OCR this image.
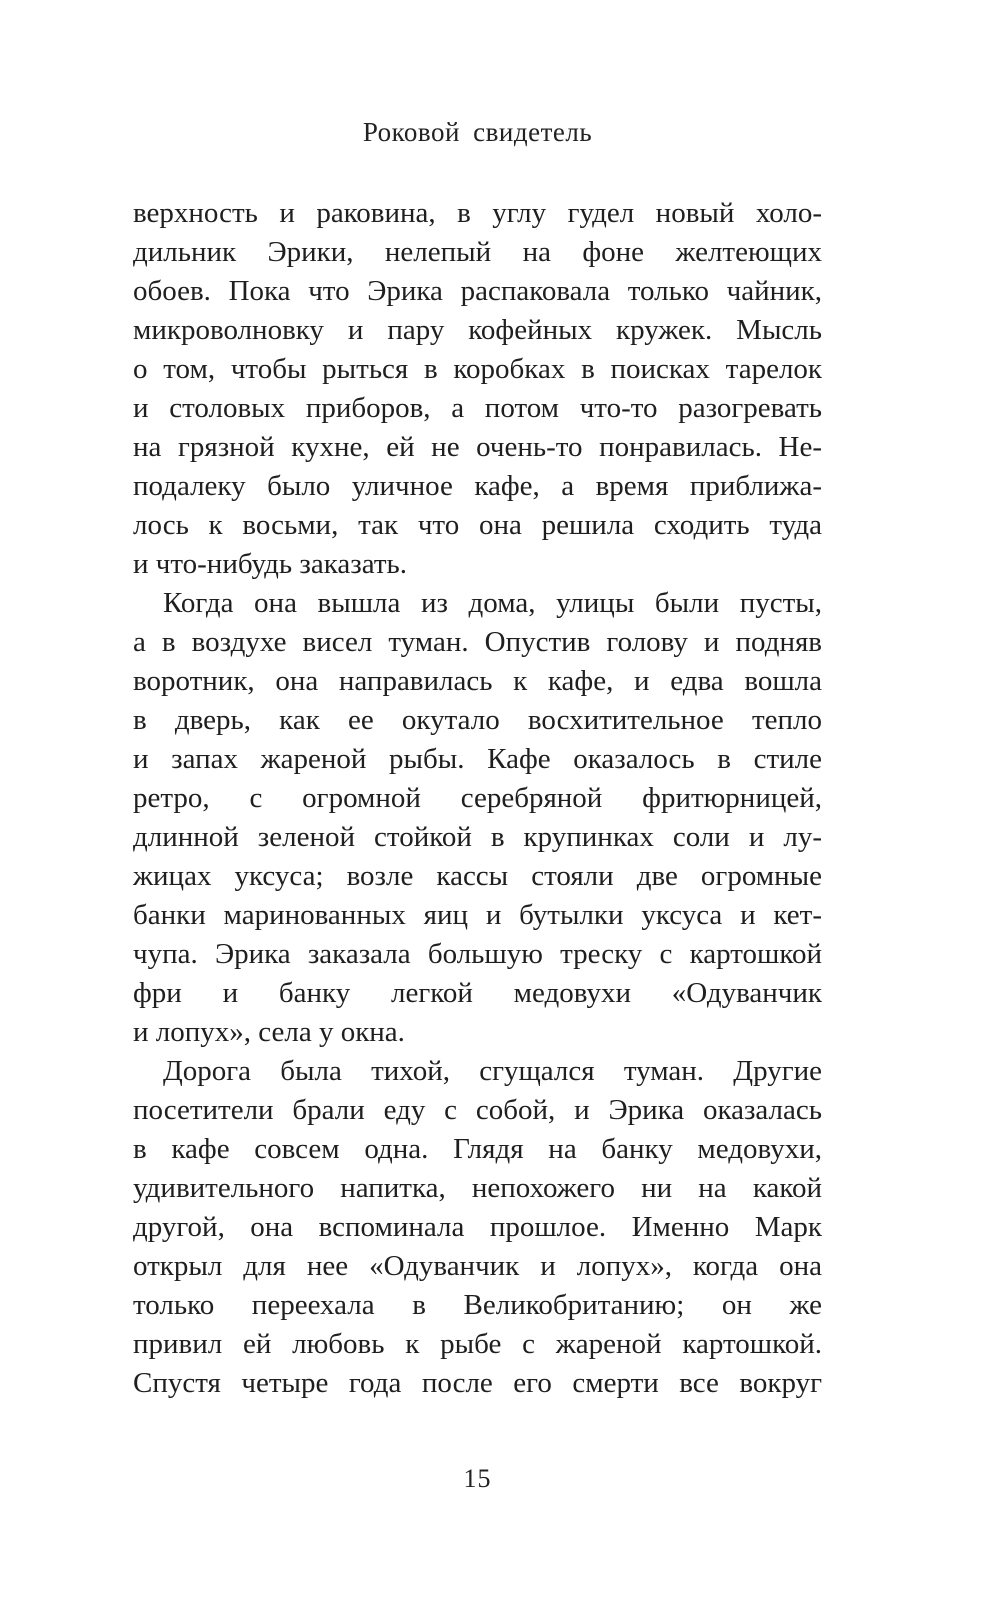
Роковой свидетель
верхность и раковина, в углу гудел новый холо-
дильник Эрики, нелепый на фоне желтеющих
обоев. Пока что Эрика распаковала только чайник,
микроволновку и пару кофейных кружек. Мысль
о том, чтобы рыться в коробках в поисках тарелок
и столовых приборов, а потом что-то разогревать
на грязной кухне, ей не очень-то понравилась. Не-
подалеку было уличное кафе, а время приближа-
лось к восьми, так что она решила сходить туда
и что-нибудь заказать.
Когда она вышла из дома, улицы были пусты,
а в воздухе висел туман. Опустив голову и подняв
воротник, она направилась к кафе, и едва вошла
в дверь, как ее окутало восхитительное тепло
и запах жареной рыбы. Кафе оказалось в стиле
ретро, с огромной серебряной фритюрницей,
длинной зеленой стойкой в крупинках соли и лу-
жицах уксуса; возле кассы стояли две огромные
банки маринованных яиц и бутылки уксуса и кет-
чупа. Эрика заказала большую треску с картошкой
фри и банку легкой медовухи «Одуванчик
и лопух», села у окна.
Дорога была тихой, сгущался туман. Другие
посетители брали еду с собой, и Эрика оказалась
в кафе совсем одна. Глядя на банку медовухи,
удивительного напитка, непохожего ни на какой
другой, она вспоминала прошлое. Именно Марк
открыл для нее «Одуванчик и лопух», когда она
только переехала в Великобританию; он же
привил ей любовь к рыбе с жареной картошкой.
Спустя четыре года после его смерти все вокруг
15
